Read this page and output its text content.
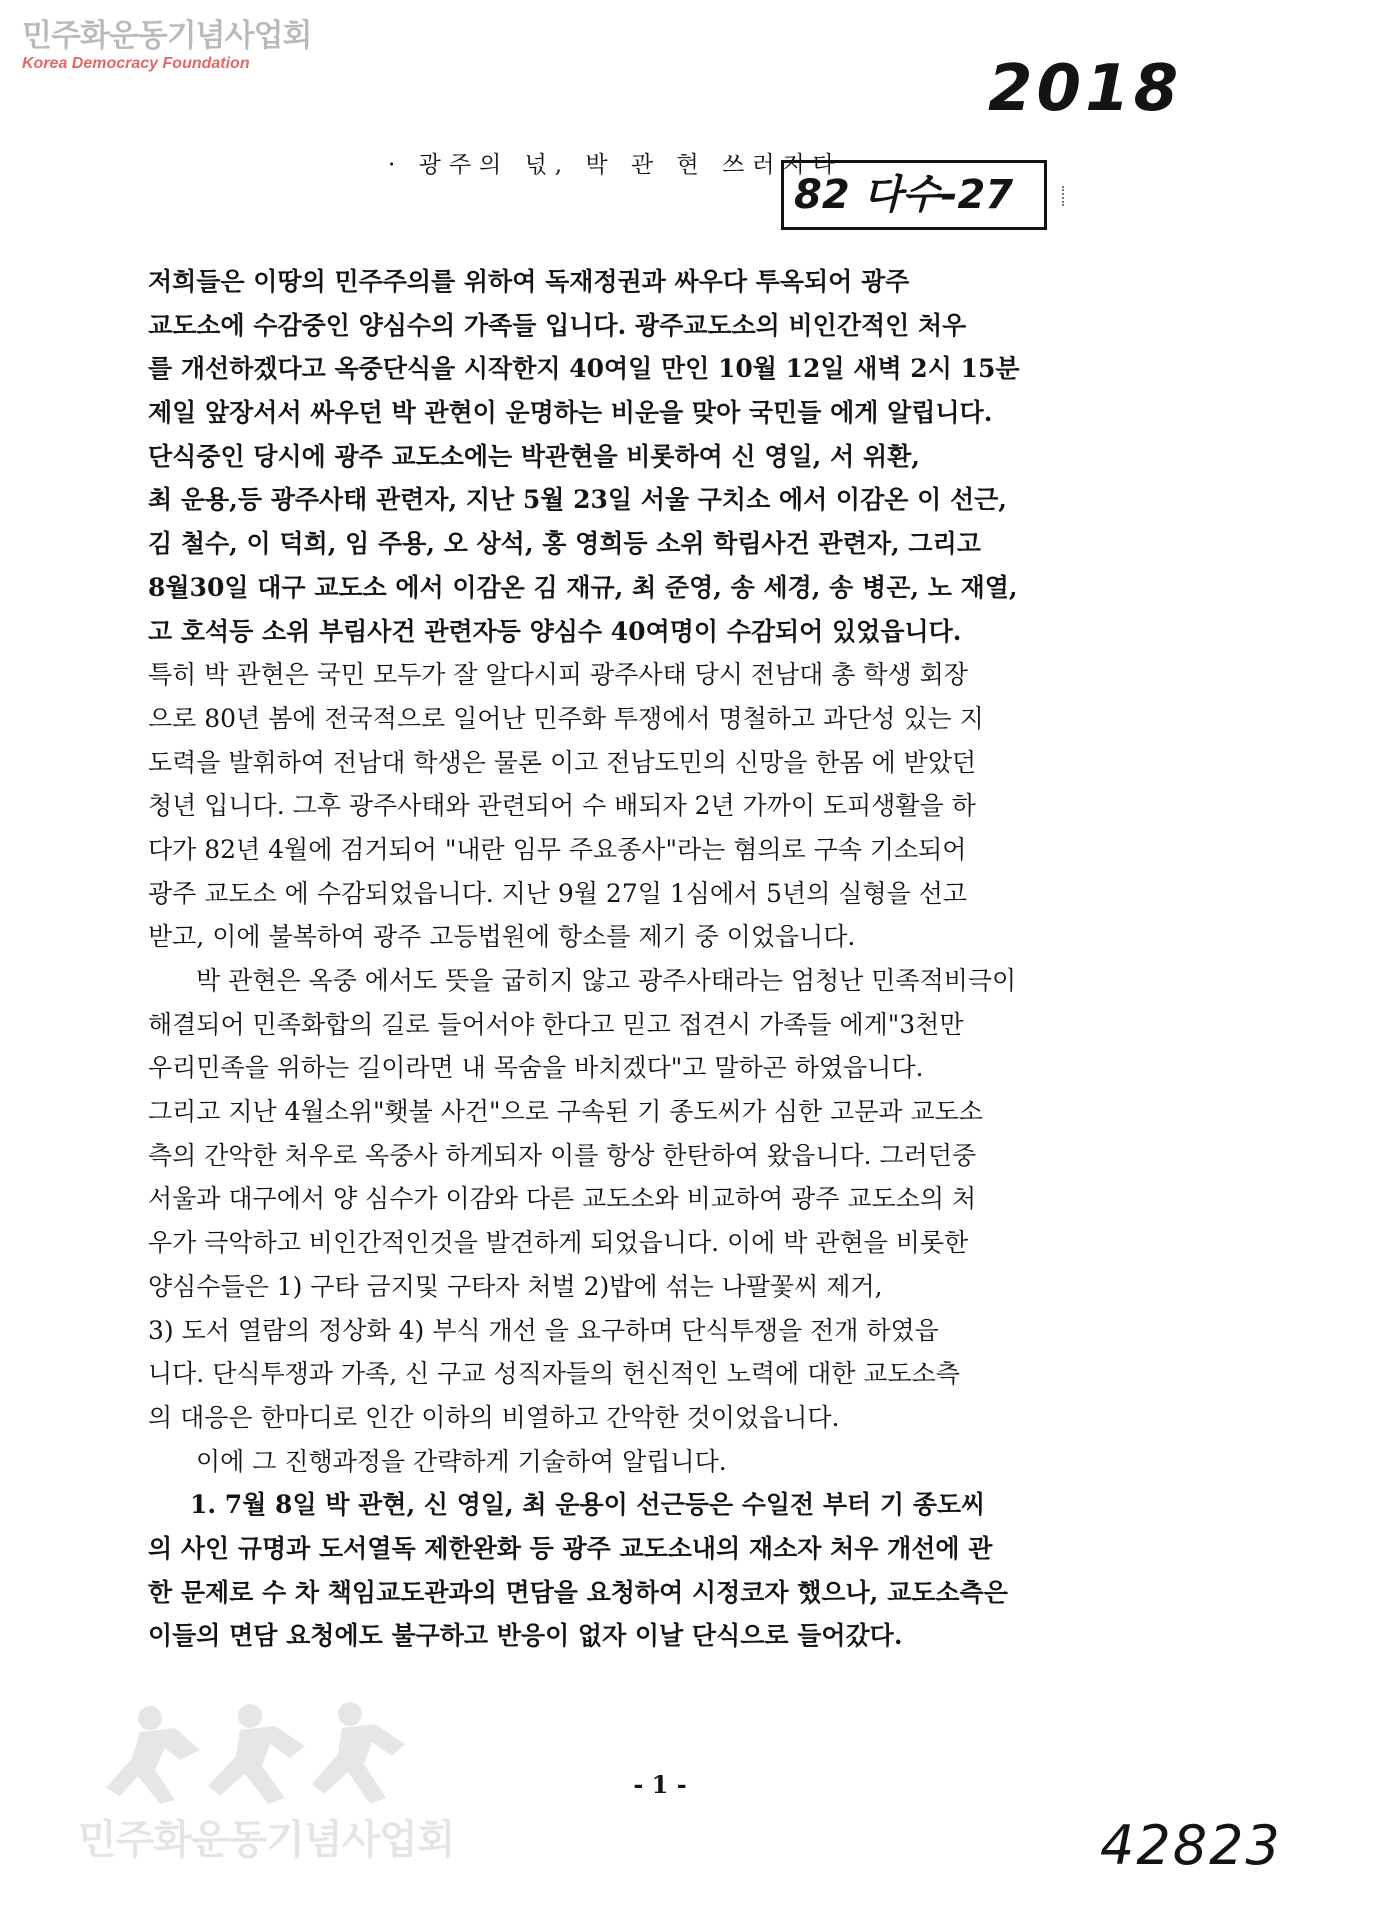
민주화운동기념사업회
Korea Democracy Foundation	2018
· 광주의 넋, 박 관 현 쓰러지다
82 다수-27
저희들은 이땅의 민주주의를 위하여 독재정권과 싸우다 투옥되어 광주
교도소에 수감중인 양심수의 가족들 입니다. 광주교도소의 비인간적인 처우
를 개선하겠다고 옥중단식을 시작한지 40여일 만인 10월 12일 새벽 2시 15분
제일 앞장서서 싸우던 박 관현이 운명하는 비운을 맞아 국민들 에게 알립니다.
단식중인 당시에 광주 교도소에는 박관현을 비롯하여 신 영일, 서 위환,
최 운용,등 광주사태 관련자, 지난 5월 23일 서울 구치소 에서 이감온 이 선근,
김 철수, 이 덕희, 임 주용, 오 상석, 홍 영희등 소위 학림사건 관련자, 그리고
8월30일 대구 교도소 에서 이감온 김 재규, 최 준영, 송 세경, 송 병곤, 노 재열,
고 호석등 소위 부림사건 관련자등 양심수 40여명이 수감되어 있었읍니다.
특히 박 관현은 국민 모두가 잘 알다시피 광주사태 당시 전남대 총 학생 회장
으로 80년 봄에 전국적으로 일어난 민주화 투쟁에서 명철하고 과단성 있는 지
도력을 발휘하여 전남대 학생은 물론 이고 전남도민의 신망을 한몸 에 받았던
청년 입니다. 그후 광주사태와 관련되어 수 배되자 2년 가까이 도피생활을 하
다가 82년 4월에 검거되어 "내란 임무 주요종사"라는 혐의로 구속 기소되어
광주 교도소 에 수감되었읍니다. 지난 9월 27일 1심에서 5년의 실형을 선고
받고, 이에 불복하여 광주 고등법원에 항소를 제기 중 이었읍니다.
박 관현은 옥중 에서도 뜻을 굽히지 않고 광주사태라는 엄청난 민족적비극이
해결되어 민족화합의 길로 들어서야 한다고 믿고 접견시 가족들 에게"3천만
우리민족을 위하는 길이라면 내 목숨을 바치겠다"고 말하곤 하였읍니다.
그리고 지난 4월소위"횃불 사건"으로 구속된 기 종도씨가 심한 고문과 교도소
측의 간악한 처우로 옥중사 하게되자 이를 항상 한탄하여 왔읍니다. 그러던중
서울과 대구에서 양 심수가 이감와 다른 교도소와 비교하여 광주 교도소의 처
우가 극악하고 비인간적인것을 발견하게 되었읍니다. 이에 박 관현을 비롯한
양심수들은 1) 구타 금지및 구타자 처벌 2)밥에 섞는 나팔꽃씨 제거,
3) 도서 열람의 정상화 4) 부식 개선 을 요구하며 단식투쟁을 전개 하였읍
니다. 단식투쟁과 가족, 신 구교 성직자들의 헌신적인 노력에 대한 교도소측
의 대응은 한마디로 인간 이하의 비열하고 간악한 것이었읍니다.
이에 그 진행과정을 간략하게 기술하여 알립니다.
1. 7월 8일 박 관현, 신 영일, 최 운용이 선근등은 수일전 부터 기 종도씨
의 사인 규명과 도서열독 제한완화 등 광주 교도소내의 재소자 처우 개선에 관
한 문제로 수 차 책임교도관과의 면담을 요청하여 시정코자 했으나, 교도소측은
이들의 면담 요청에도 불구하고 반응이 없자 이날 단식으로 들어갔다.
민주화운동기념사업회
- 1 -
42823
